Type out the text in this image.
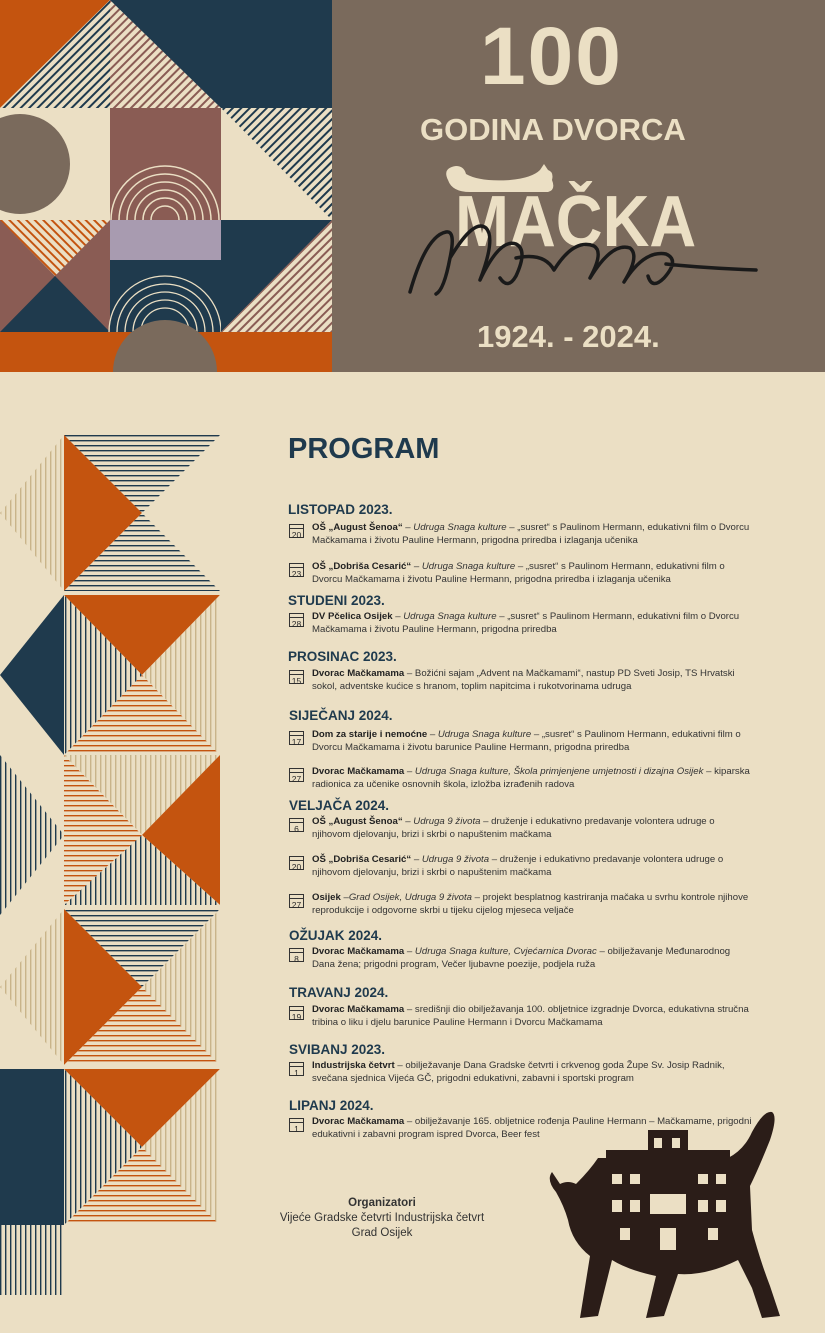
100
GODINA DVORCA
MAČKA
1924. - 2024.
PROGRAM
LISTOPAD 2023.
20
OŠ „August Šenoa“ – Udruga Snaga kulture – „susret“ s Paulinom Hermann, edukativni film o Dvorcu Mačkamama i životu Pauline Hermann, prigodna priredba i izlaganja učenika
23
OŠ „Dobriša Cesarić“ – Udruga Snaga kulture – „susret“ s Paulinom Hermann, edukativni film o Dvorcu Mačkamama i životu Pauline Hermann, prigodna priredba i izlaganja učenika
STUDENI 2023.
28
DV Pčelica Osijek – Udruga Snaga kulture – „susret“ s Paulinom Hermann, edukativni film o Dvorcu Mačkamama i životu Pauline Hermann, prigodna priredba
PROSINAC 2023.
15
Dvorac Mačkamama – Božićni sajam „Advent na Mačkamami“, nastup PD Sveti Josip, TS Hrvatski sokol, adventske kućice s hranom, toplim napitcima i rukotvorinama udruga
SIJEČANJ 2024.
17
Dom za starije i nemoćne – Udruga Snaga kulture – „susret“ s Paulinom Hermann, edukativni film o Dvorcu Mačkamama i životu barunice Pauline Hermann, prigodna priredba
27
Dvorac Mačkamama – Udruga Snaga kulture, Škola primjenjene umjetnosti i dizajna Osijek – kiparska radionica za učenike osnovnih škola, izložba izrađenih radova
VELJAČA 2024.
6
OŠ „August Šenoa“ – Udruga 9 života – druženje i edukativno predavanje volontera udruge o njihovom djelovanju, brizi i skrbi o napuštenim mačkama
20
OŠ „Dobriša Cesarić“ – Udruga 9 života – druženje i edukativno predavanje volontera udruge o njihovom djelovanju, brizi i skrbi o napuštenim mačkama
27
Osijek –Grad Osijek, Udruga 9 života – projekt besplatnog kastriranja mačaka u svrhu kontrole njihove reprodukcije i odgovorne skrbi u tijeku cijelog mjeseca veljače
OŽUJAK 2024.
8
Dvorac Mačkamama – Udruga Snaga kulture, Cvjećarnica Dvorac – obilježavanje Međunarodnog Dana žena; prigodni program, Večer ljubavne poezije, podjela ruža
TRAVANJ 2024.
19
Dvorac Mačkamama – središnji dio obilježavanja 100. obljetnice izgradnje Dvorca, edukativna stručna tribina o liku i djelu barunice Pauline Hermann i Dvorcu Mačkamama
SVIBANJ 2023.
1
Industrijska četvrt – obilježavanje Dana Gradske četvrti i crkvenog goda Župe Sv. Josip Radnik, svečana sjednica Vijeća GČ, prigodni edukativni, zabavni i sportski program
LIPANJ 2024.
1
Dvorac Mačkamama – obilježavanje 165. obljetnice rođenja Pauline Hermann – Mačkamame, prigodni edukativni i zabavni program ispred Dvorca, Beer fest
Organizatori
Vijeće Gradske četvrti Industrijska četvrt
Grad Osijek
